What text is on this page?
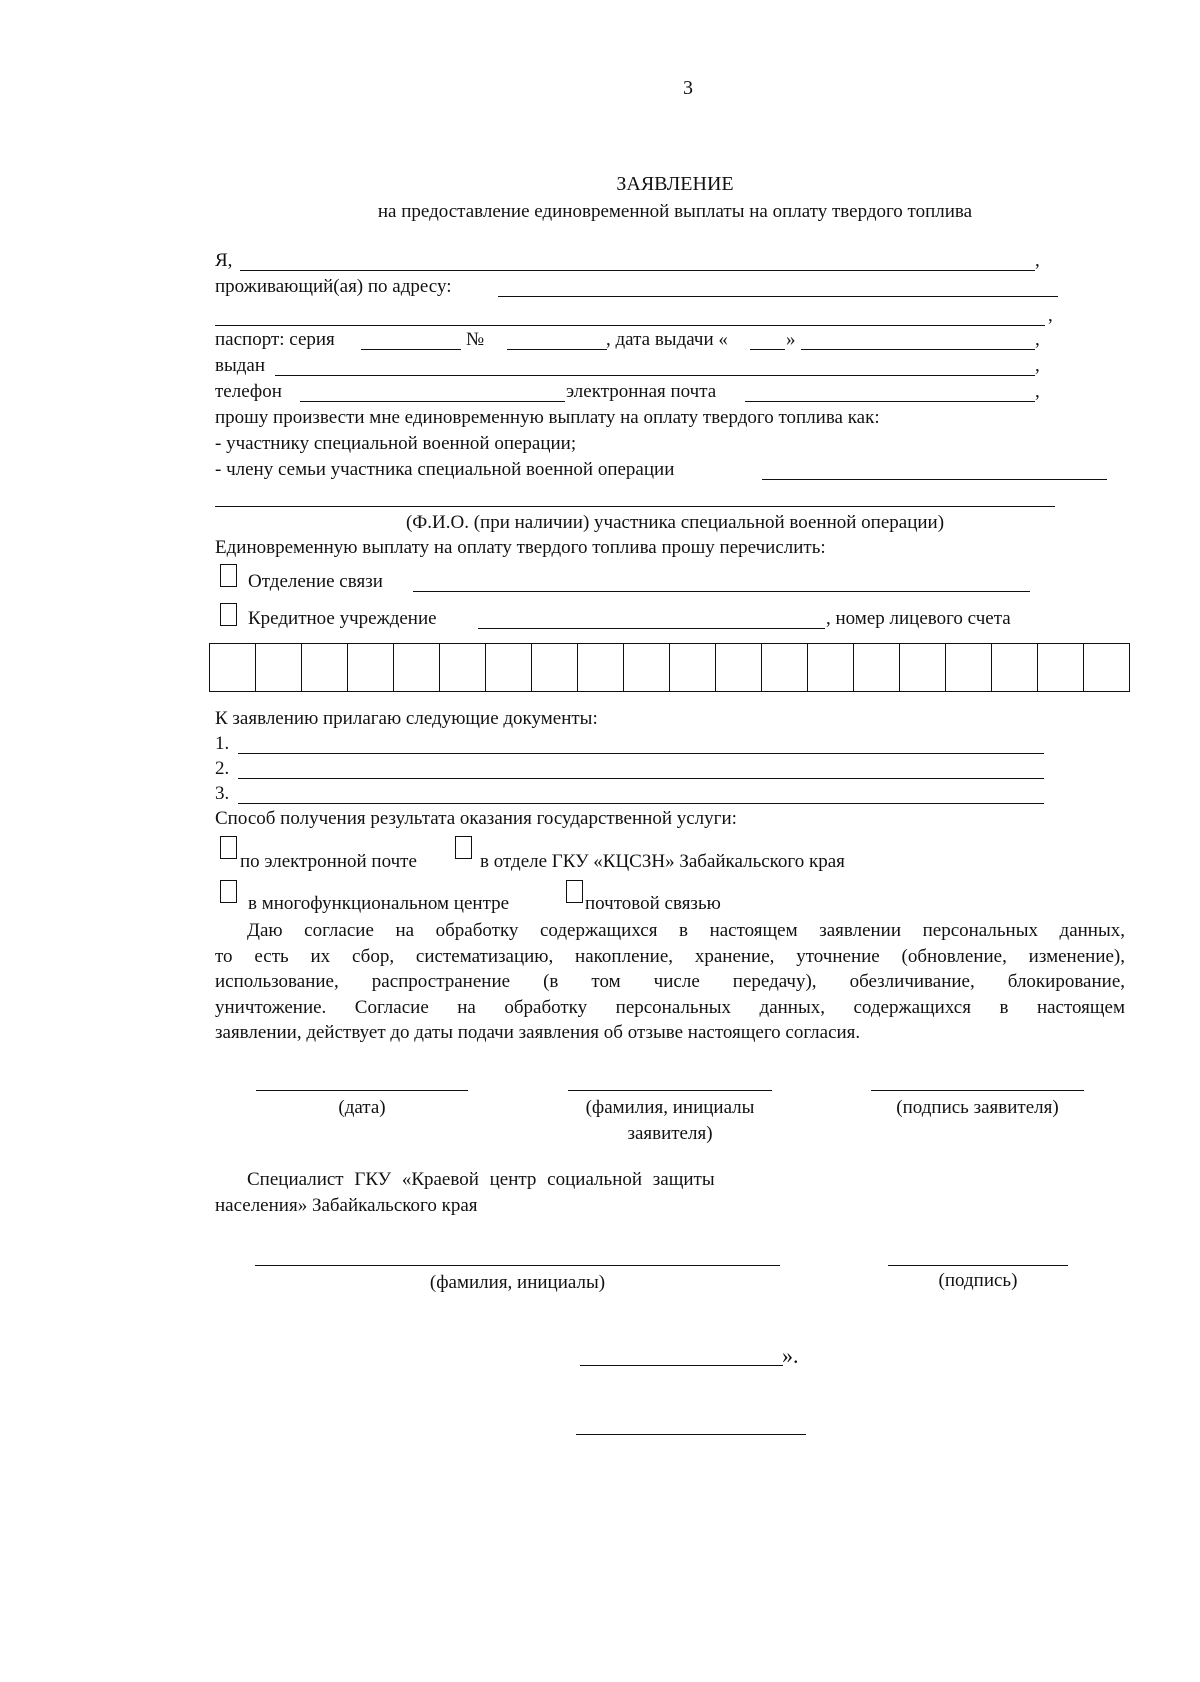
3
ЗАЯВЛЕНИЕ
на предоставление единовременной выплаты на оплату твердого топлива
Я,	,
проживающий(ая) по адресу:
,
паспорт: серия	№	, дата выдачи «	»	,
выдан	,
телефон	электронная почта	,
прошу произвести мне единовременную выплату на оплату твердого топлива как:
- участнику специальной военной операции;
- члену семьи участника специальной военной операции
(Ф.И.О. (при наличии) участника специальной военной операции)
Единовременную выплату на оплату твердого топлива прошу перечислить:
Отделение связи
Кредитное учреждение	, номер лицевого счета

К заявлению прилагаю следующие документы:
1.
2.
3.
Способ получения результата оказания государственной услуги:
по электронной почте	в отделе ГКУ «КЦСЗН» Забайкальского края
в многофункциональном центре	почтовой связью
Даю согласие на обработку содержащихся в настоящем заявлении персональных данных,
то есть их сбор, систематизацию, накопление, хранение, уточнение (обновление, изменение),
использование, распространение (в том числе передачу), обезличивание, блокирование,
уничтожение. Согласие на обработку персональных данных, содержащихся в настоящем
заявлении, действует до даты подачи заявления об отзыве настоящего согласия.
(дата)	(фамилия, инициалы
заявителя)
(подпись заявителя)
Специалист ГКУ «Краевой центр социальной защиты
населения» Забайкальского края
(фамилия, инициалы)	(подпись)
».
